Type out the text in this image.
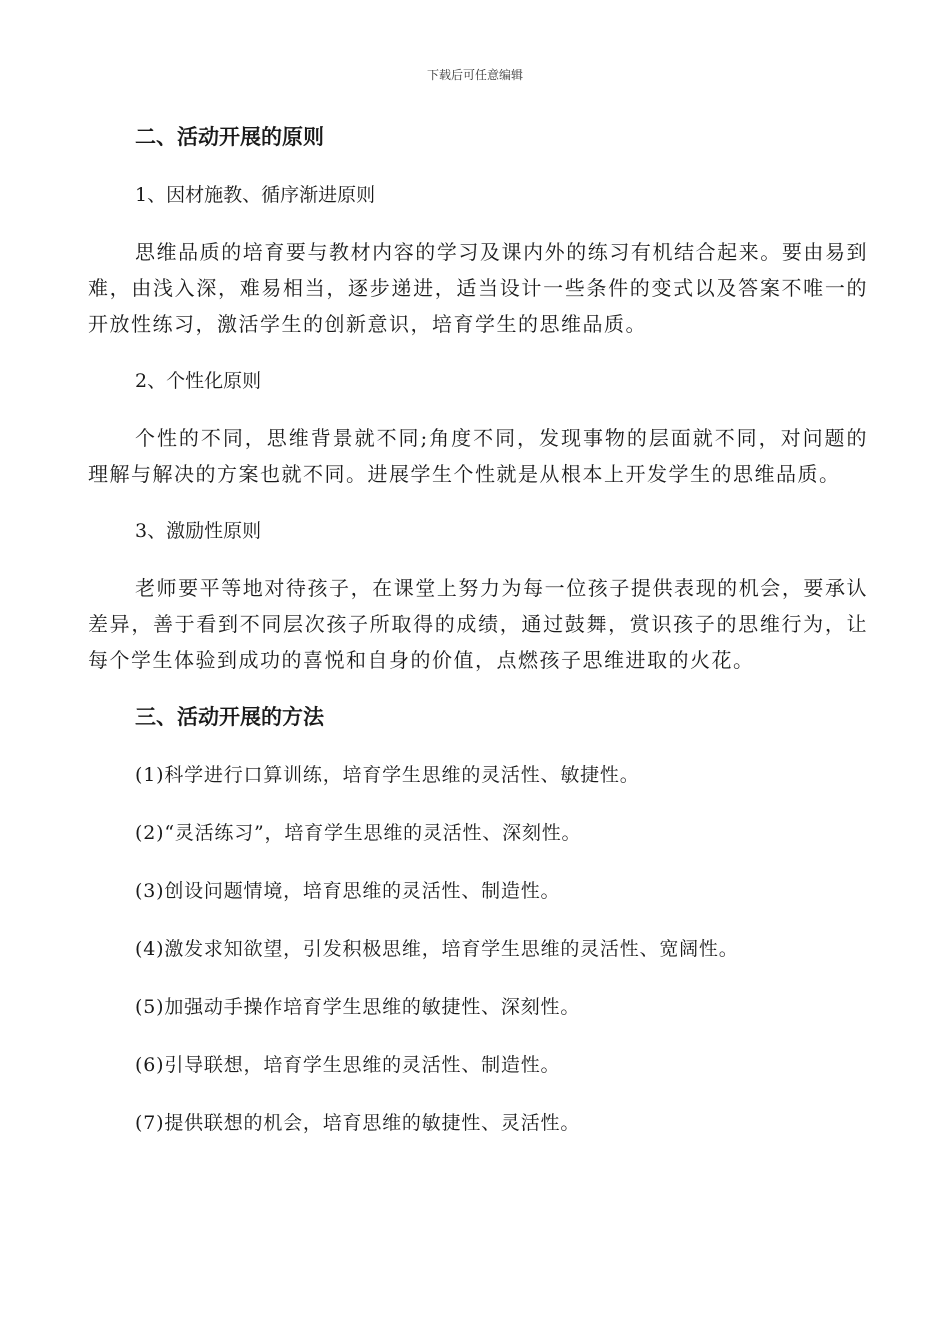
下载后可任意编辑
二、活动开展的原则
1、因材施教、循序渐进原则
思维品质的培育要与教材内容的学习及课内外的练习有机结合起来。要由易到难，由浅入深，难易相当，逐步递进，适当设计一些条件的变式以及答案不唯一的开放性练习，激活学生的创新意识，培育学生的思维品质。
2、个性化原则
个性的不同，思维背景就不同;角度不同，发现事物的层面就不同，对问题的理解与解决的方案也就不同。进展学生个性就是从根本上开发学生的思维品质。
3、激励性原则
老师要平等地对待孩子，在课堂上努力为每一位孩子提供表现的机会，要承认差异，善于看到不同层次孩子所取得的成绩，通过鼓舞，赏识孩子的思维行为，让每个学生体验到成功的喜悦和自身的价值，点燃孩子思维进取的火花。
三、活动开展的方法
(1)科学进行口算训练，培育学生思维的灵活性、敏捷性。
(2)“灵活练习”，培育学生思维的灵活性、深刻性。
(3)创设问题情境，培育思维的灵活性、制造性。
(4)激发求知欲望，引发积极思维，培育学生思维的灵活性、宽阔性。
(5)加强动手操作培育学生思维的敏捷性、深刻性。
(6)引导联想，培育学生思维的灵活性、制造性。
(7)提供联想的机会，培育思维的敏捷性、灵活性。
